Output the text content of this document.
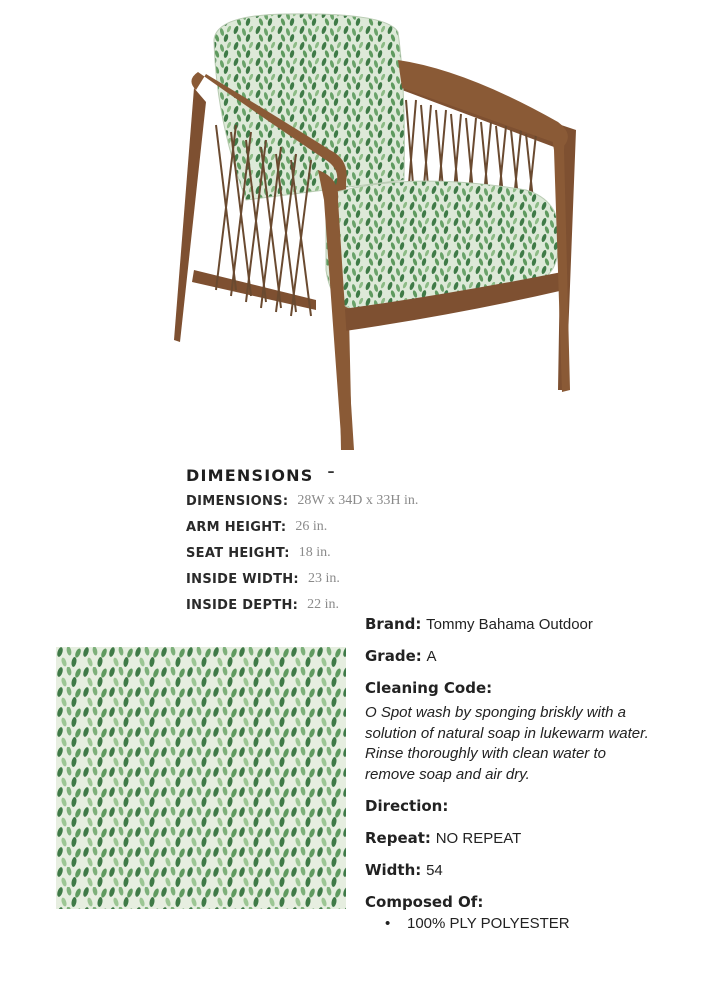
DIMENSIONS –
DIMENSIONS: 28W x 34D x 33H in.
ARM HEIGHT: 26 in.
SEAT HEIGHT: 18 in.
INSIDE WIDTH: 23 in.
INSIDE DEPTH: 22 in.
Brand: Tommy Bahama Outdoor
Grade: A
Cleaning Code:
O Spot wash by sponging briskly with a solution of natural soap in lukewarm water. Rinse thoroughly with clean water to remove soap and air dry.
Direction:
Repeat: NO REPEAT
Width: 54
Composed Of:
• 100% PLY POLYESTER
